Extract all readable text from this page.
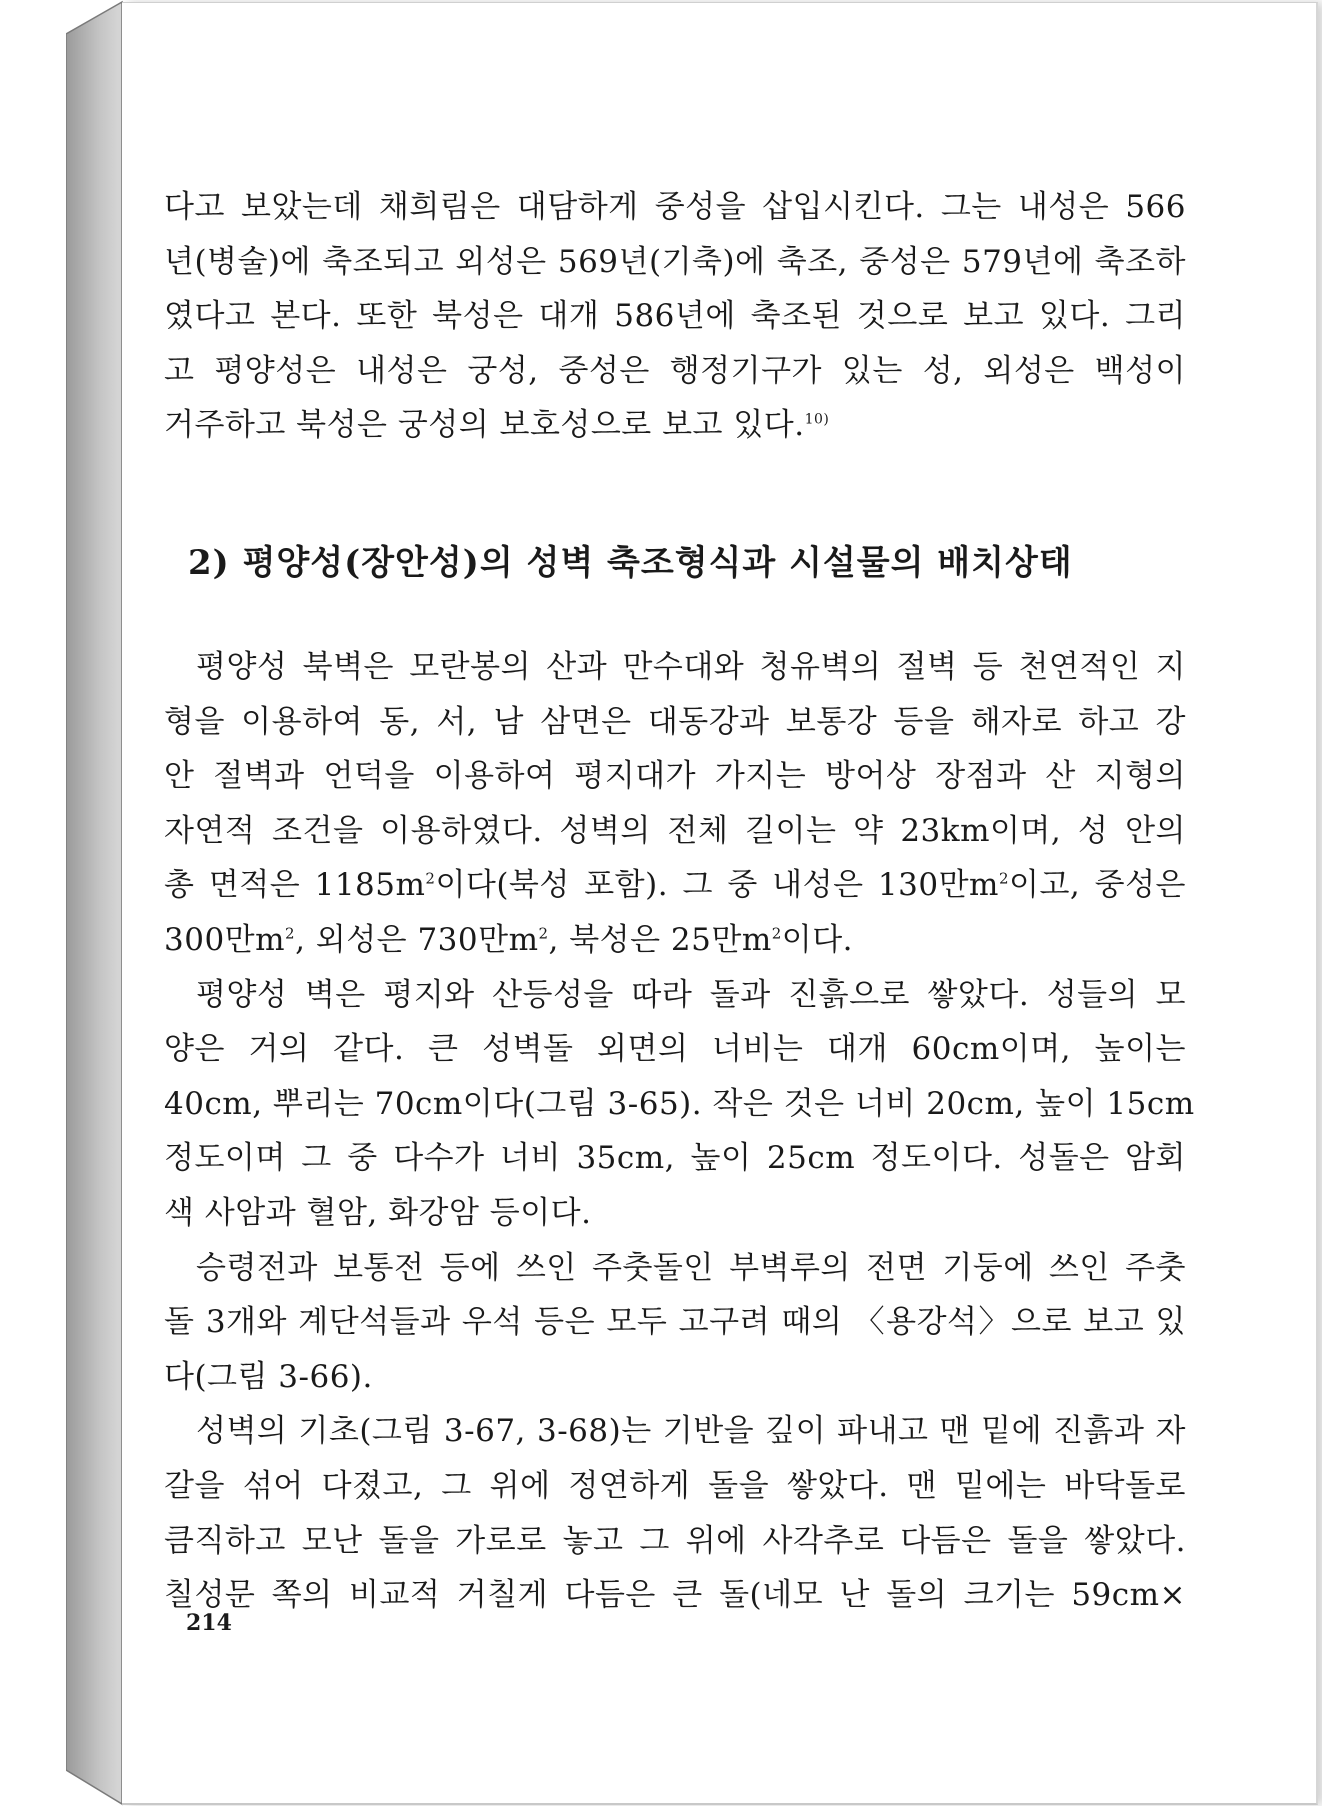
다고 보았는데 채희림은 대담하게 중성을 삽입시킨다. 그는 내성은 566
년(병술)에 축조되고 외성은 569년(기축)에 축조, 중성은 579년에 축조하
였다고 본다. 또한 북성은 대개 586년에 축조된 것으로 보고 있다. 그리
고 평양성은 내성은 궁성, 중성은 행정기구가 있는 성, 외성은 백성이
거주하고 북성은 궁성의 보호성으로 보고 있다.$^{10)}$
2) 평양성(장안성)의 성벽 축조형식과 시설물의 배치상태
평양성 북벽은 모란봉의 산과 만수대와 청유벽의 절벽 등 천연적인 지
형을 이용하여 동, 서, 남 삼면은 대동강과 보통강 등을 해자로 하고 강
안 절벽과 언덕을 이용하여 평지대가 가지는 방어상 장점과 산 지형의
자연적 조건을 이용하였다. 성벽의 전체 길이는 약 23km이며, 성 안의
총 면적은 $1185m^2$이다(북성 포함). 그 중 내성은 130만$m^2$이고, 중성은
300만$m^2$, 외성은 730만$m^2$, 북성은 25만$m^2$이다.
평양성 벽은 평지와 산등성을 따라 돌과 진흙으로 쌓았다. 성들의 모
양은 거의 같다. 큰 성벽돌 외면의 너비는 대개 60cm이며, 높이는
40cm, 뿌리는 70cm이다(그림 3-65). 작은 것은 너비 20cm, 높이 15cm
정도이며 그 중 다수가 너비 35cm, 높이 25cm 정도이다. 성돌은 암회
색 사암과 혈암, 화강암 등이다.
승령전과 보통전 등에 쓰인 주춧돌인 부벽루의 전면 기둥에 쓰인 주춧
돌 3개와 계단석들과 우석 등은 모두 고구려 때의 〈용강석〉으로 보고 있
다(그림 3-66).
성벽의 기초(그림 3-67, 3-68)는 기반을 깊이 파내고 맨 밑에 진흙과 자
갈을 섞어 다졌고, 그 위에 정연하게 돌을 쌓았다. 맨 밑에는 바닥돌로
큼직하고 모난 돌을 가로로 놓고 그 위에 사각추로 다듬은 돌을 쌓았다.
칠성문 쪽의 비교적 거칠게 다듬은 큰 돌(네모 난 돌의 크기는 59cm×
214
